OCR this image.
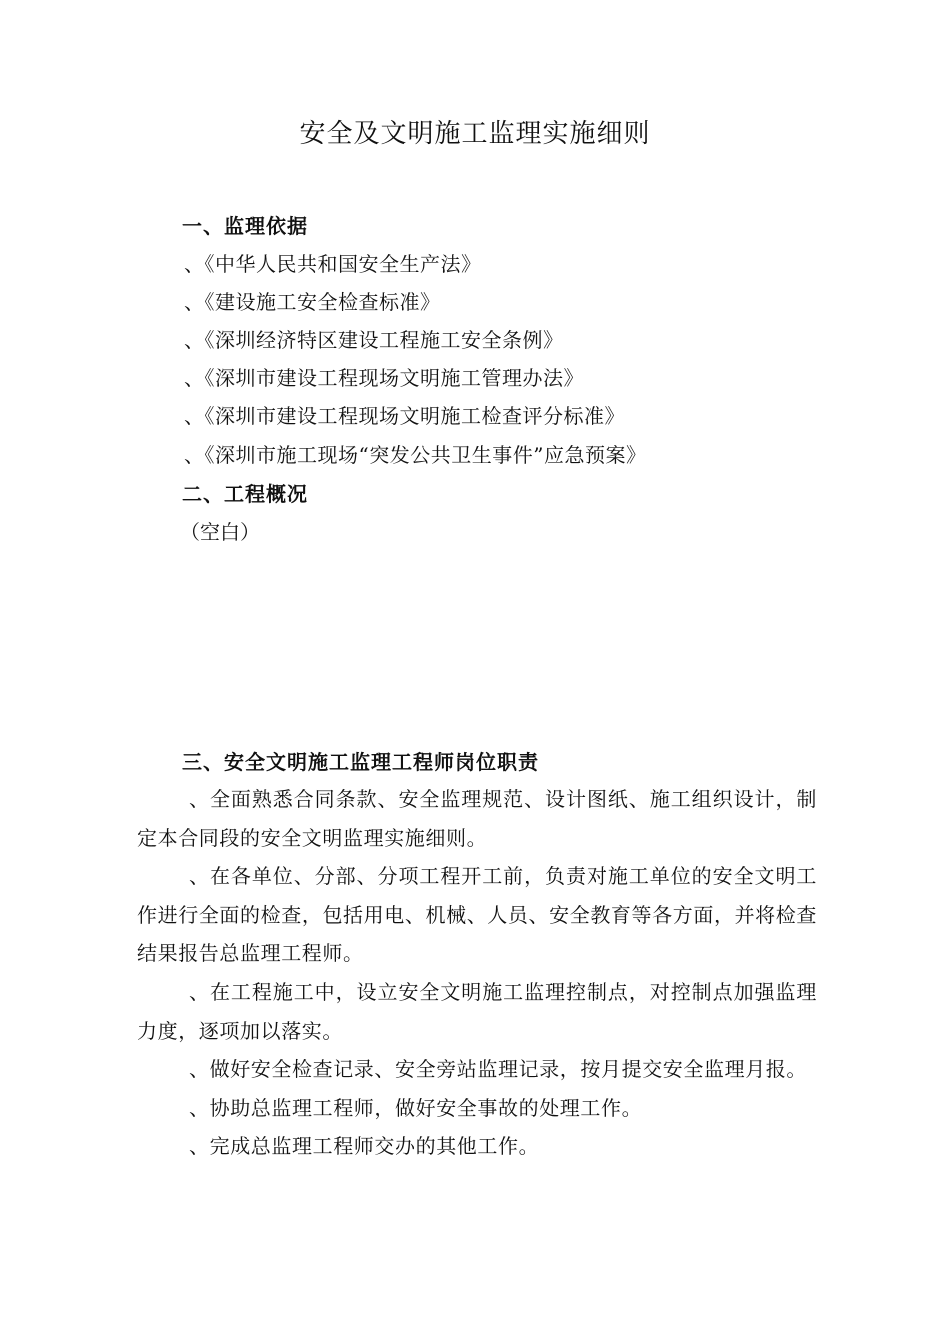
安全及文明施工监理实施细则
一、监理依据
、《中华人民共和国安全生产法》
、《建设施工安全检查标准》
、《深圳经济特区建设工程施工安全条例》
、《深圳市建设工程现场文明施工管理办法》
、《深圳市建设工程现场文明施工检查评分标准》
、《深圳市施工现场“突发公共卫生事件”应急预案》
二、工程概况
（空白）
三、安全文明施工监理工程师岗位职责
、全面熟悉合同条款、安全监理规范、设计图纸、施工组织设计，制定本合同段的安全文明监理实施细则。
、在各单位、分部、分项工程开工前，负责对施工单位的安全文明工作进行全面的检查，包括用电、机械、人员、安全教育等各方面，并将检查结果报告总监理工程师。
、在工程施工中，设立安全文明施工监理控制点，对控制点加强监理力度，逐项加以落实。
、做好安全检查记录、安全旁站监理记录，按月提交安全监理月报。
、协助总监理工程师，做好安全事故的处理工作。
、完成总监理工程师交办的其他工作。
